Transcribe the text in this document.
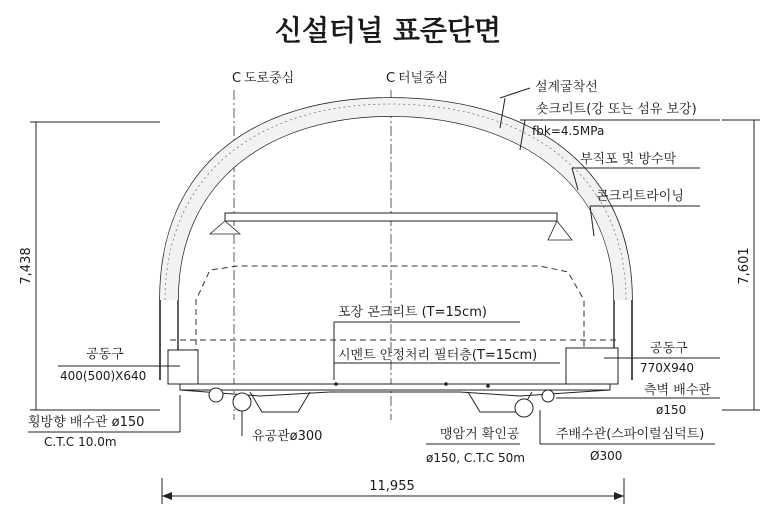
신설터널 표준단면
C 도로중심	C 터널중심
설계굴착선
숏크리트(강 또는 섬유 보강)
fbk=4.5MPa
부직포 및 방수막
콘크리트라이닝
포장 콘크리트 (T=15cm)
시멘트 안정처리 필터층(T=15cm)
공동구
400(500)X640
횡방향 배수관 ø150
C.T.C 10.0m	유공관ø300	맹암거 확인공
ø150, C.T.C 50m
주배수관(스파이럴심덕트)
Ø300
공동구
770X940
측벽 배수관
ø150
7,438	7,601
11,955
